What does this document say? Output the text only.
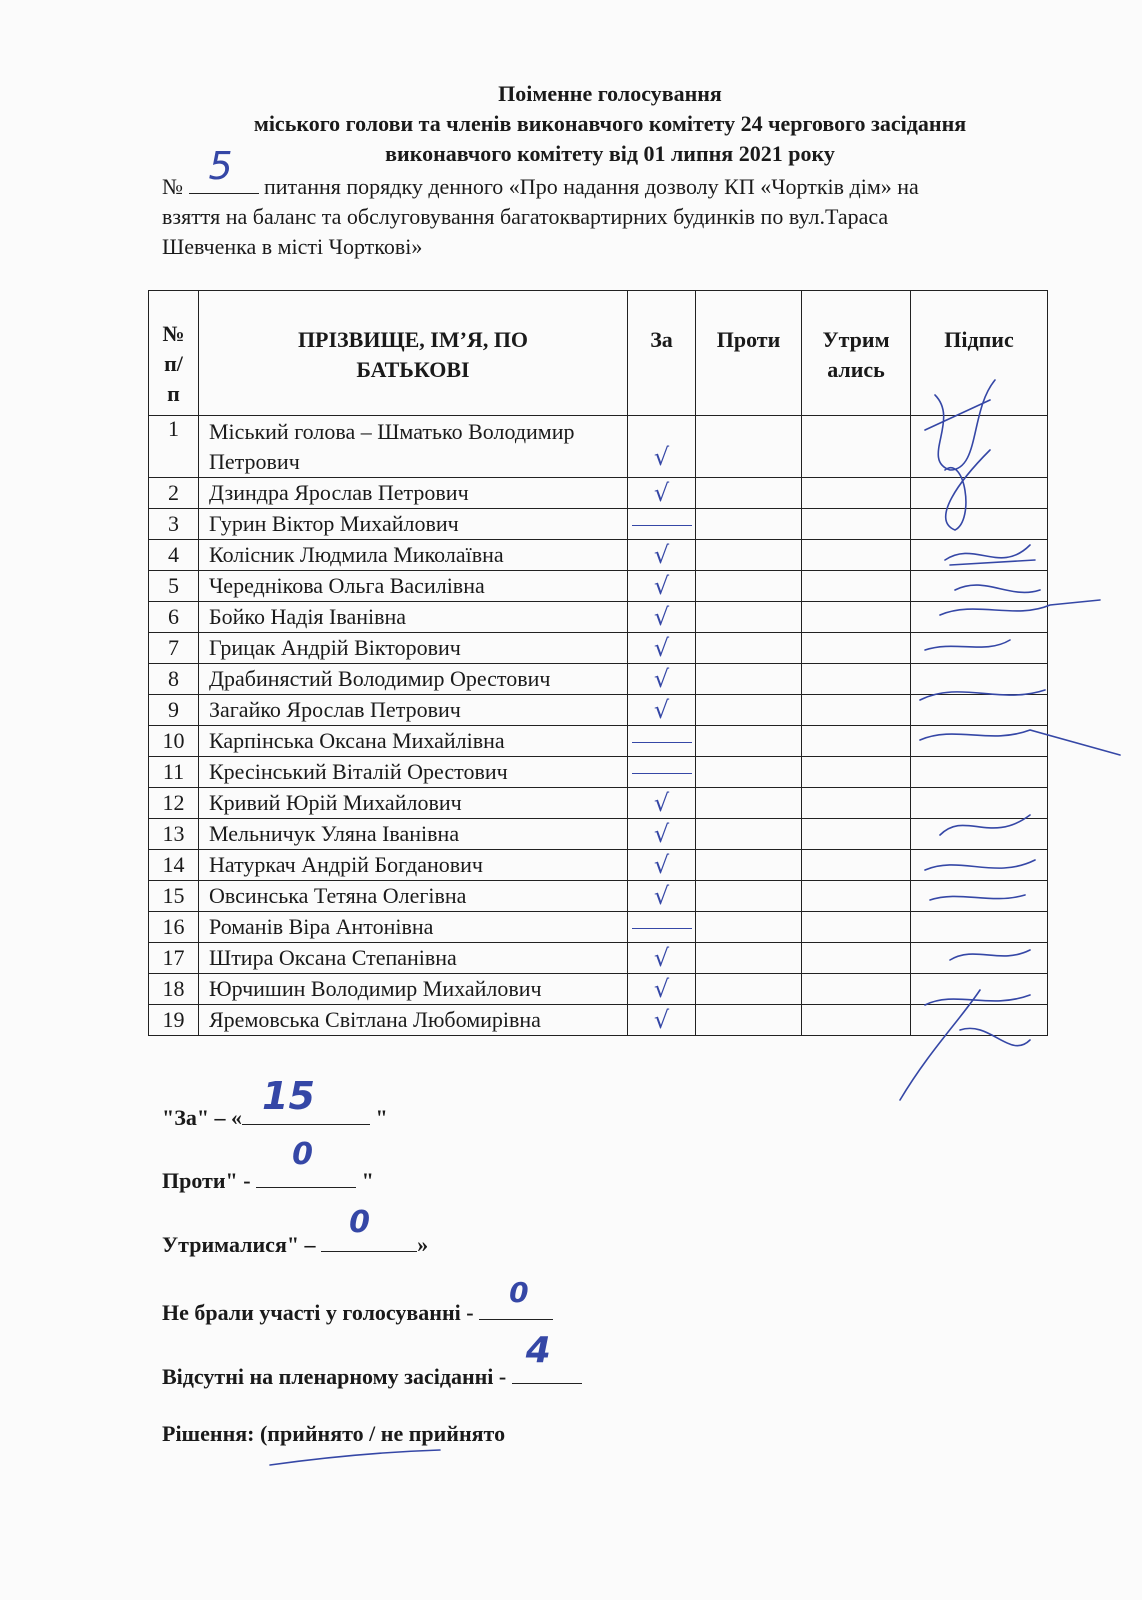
Поіменне голосування
міського голови та членів виконавчого комітету 24 чергового засідання
виконавчого комітету від 01 липня 2021 року
№ 5 питання порядку денного «Про надання дозволу КП «Чортків дім» на
взяття на баланс та обслуговування багатоквартирних будинків по вул.Тараса
Шевченка в місті Чорткові»
№ п/п	ПРІЗВИЩЕ, ІМ’Я, ПО БАТЬКОВІ	За	Проти	Утрим ались	Підпис
1	Міський голова – Шматько Володимир Петрович	√			
2	Дзиндра Ярослав Петрович	√			
3	Гурин Віктор Михайлович				
4	Колісник Людмила Миколаївна	√			
5	Череднікова Ольга Василівна	√			
6	Бойко Надія Іванівна	√			
7	Грицак Андрій Вікторович	√			
8	Драбинястий Володимир Орестович	√			
9	Загайко Ярослав Петрович	√			
10	Карпінська Оксана Михайлівна				
11	Кресінський Віталій Орестович				
12	Кривий Юрій Михайлович	√			
13	Мельничук Уляна Іванівна	√			
14	Натуркач Андрій Богданович	√			
15	Овсинська Тетяна Олегівна	√			
16	Романів Віра Антонівна				
17	Штира Оксана Степанівна	√			
18	Юрчишин Володимир Михайлович	√			
19	Яремовська Світлана Любомирівна	√			
"За" – « 15	"
Проти" -
0
"
Утрималися" –
0
»
Не брали участі у голосуванні -
0
Відсутні на пленарному засіданні -
4
Рішення: (прийнято / не прийнято
